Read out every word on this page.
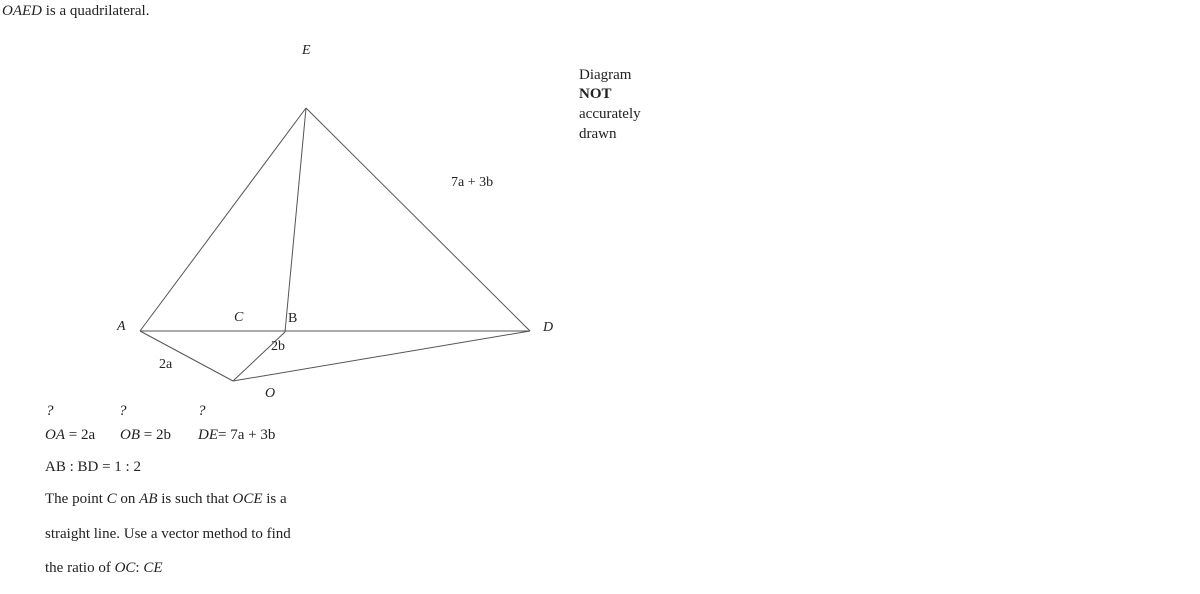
OAED is a quadrilateral.
E
A
C	B
D
O
7a + 3b
2b
2a
Diagram
NOT
accurately
drawn
?	?	?
OA = 2a OB = 2b DE= 7a + 3b
AB : BD = 1 : 2
The point C on AB is such that OCE is a
straight line. Use a vector method to find
the ratio of OC: CE
